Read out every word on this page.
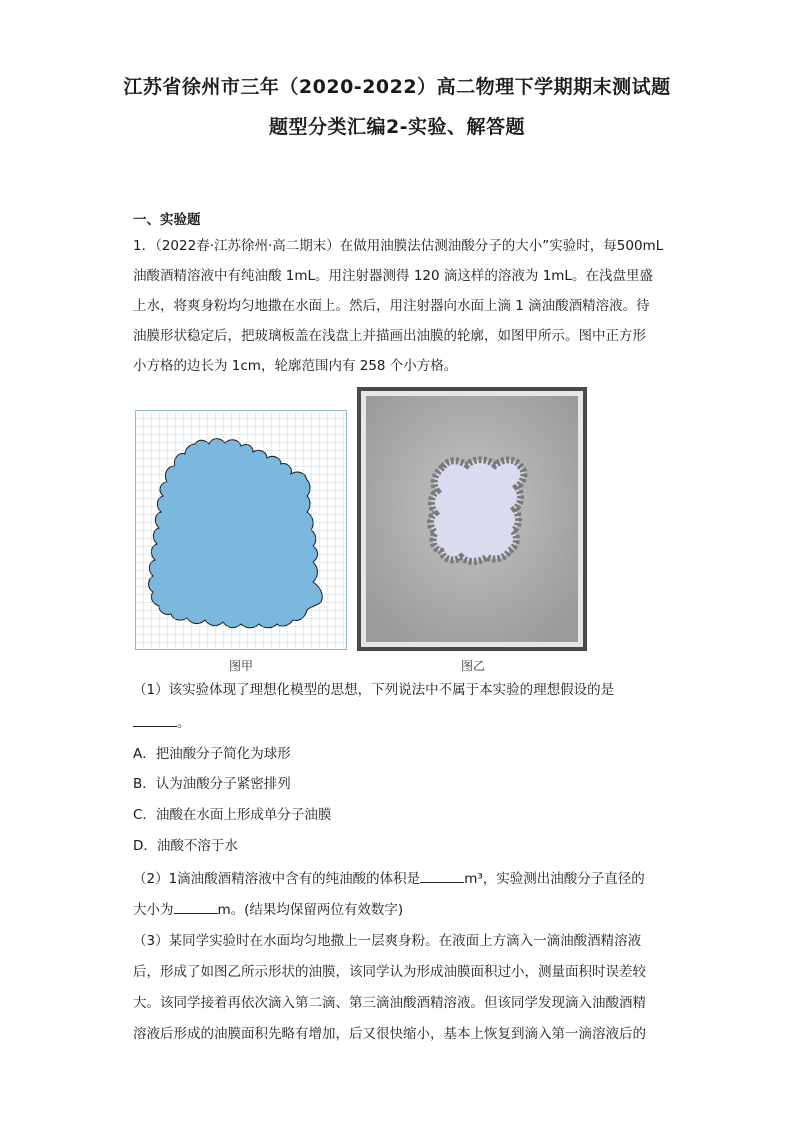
江苏省徐州市三年（2020-2022）高二物理下学期期末测试题
题型分类汇编2-实验、解答题
一、实验题
1．（2022春·江苏徐州·高二期末）在做用油膜法估测油酸分子的大小”实验时，每500mL
油酸酒精溶液中有纯油酸 1mL。用注射器测得 120 滴这样的溶液为 1mL。在浅盘里盛
上水，将爽身粉均匀地撒在水面上。然后，用注射器向水面上滴 1 滴油酸酒精溶液。待
油膜形状稳定后，把玻璃板盖在浅盘上并描画出油膜的轮廓，如图甲所示。图中正方形
小方格的边长为 1cm，轮廓范围内有 258 个小方格。
图甲	图乙
（1）该实验体现了理想化模型的思想，下列说法中不属于本实验的理想假设的是
。
A．把油酸分子简化为球形
B．认为油酸分子紧密排列
C．油酸在水面上形成单分子油膜
D．油酸不溶于水
（2）1滴油酸酒精溶液中含有的纯油酸的体积是	m³，实验测出油酸分子直径的
大小为	m。(结果均保留两位有效数字)
（3）某同学实验时在水面均匀地撒上一层爽身粉。在液面上方滴入一滴油酸酒精溶液
后，形成了如图乙所示形状的油膜，该同学认为形成油膜面积过小，测量面积时误差较
大。该同学接着再依次滴入第二滴、第三滴油酸酒精溶液。但该同学发现滴入油酸酒精
溶液后形成的油膜面积先略有增加，后又很快缩小，基本上恢复到滴入第一滴溶液后的
